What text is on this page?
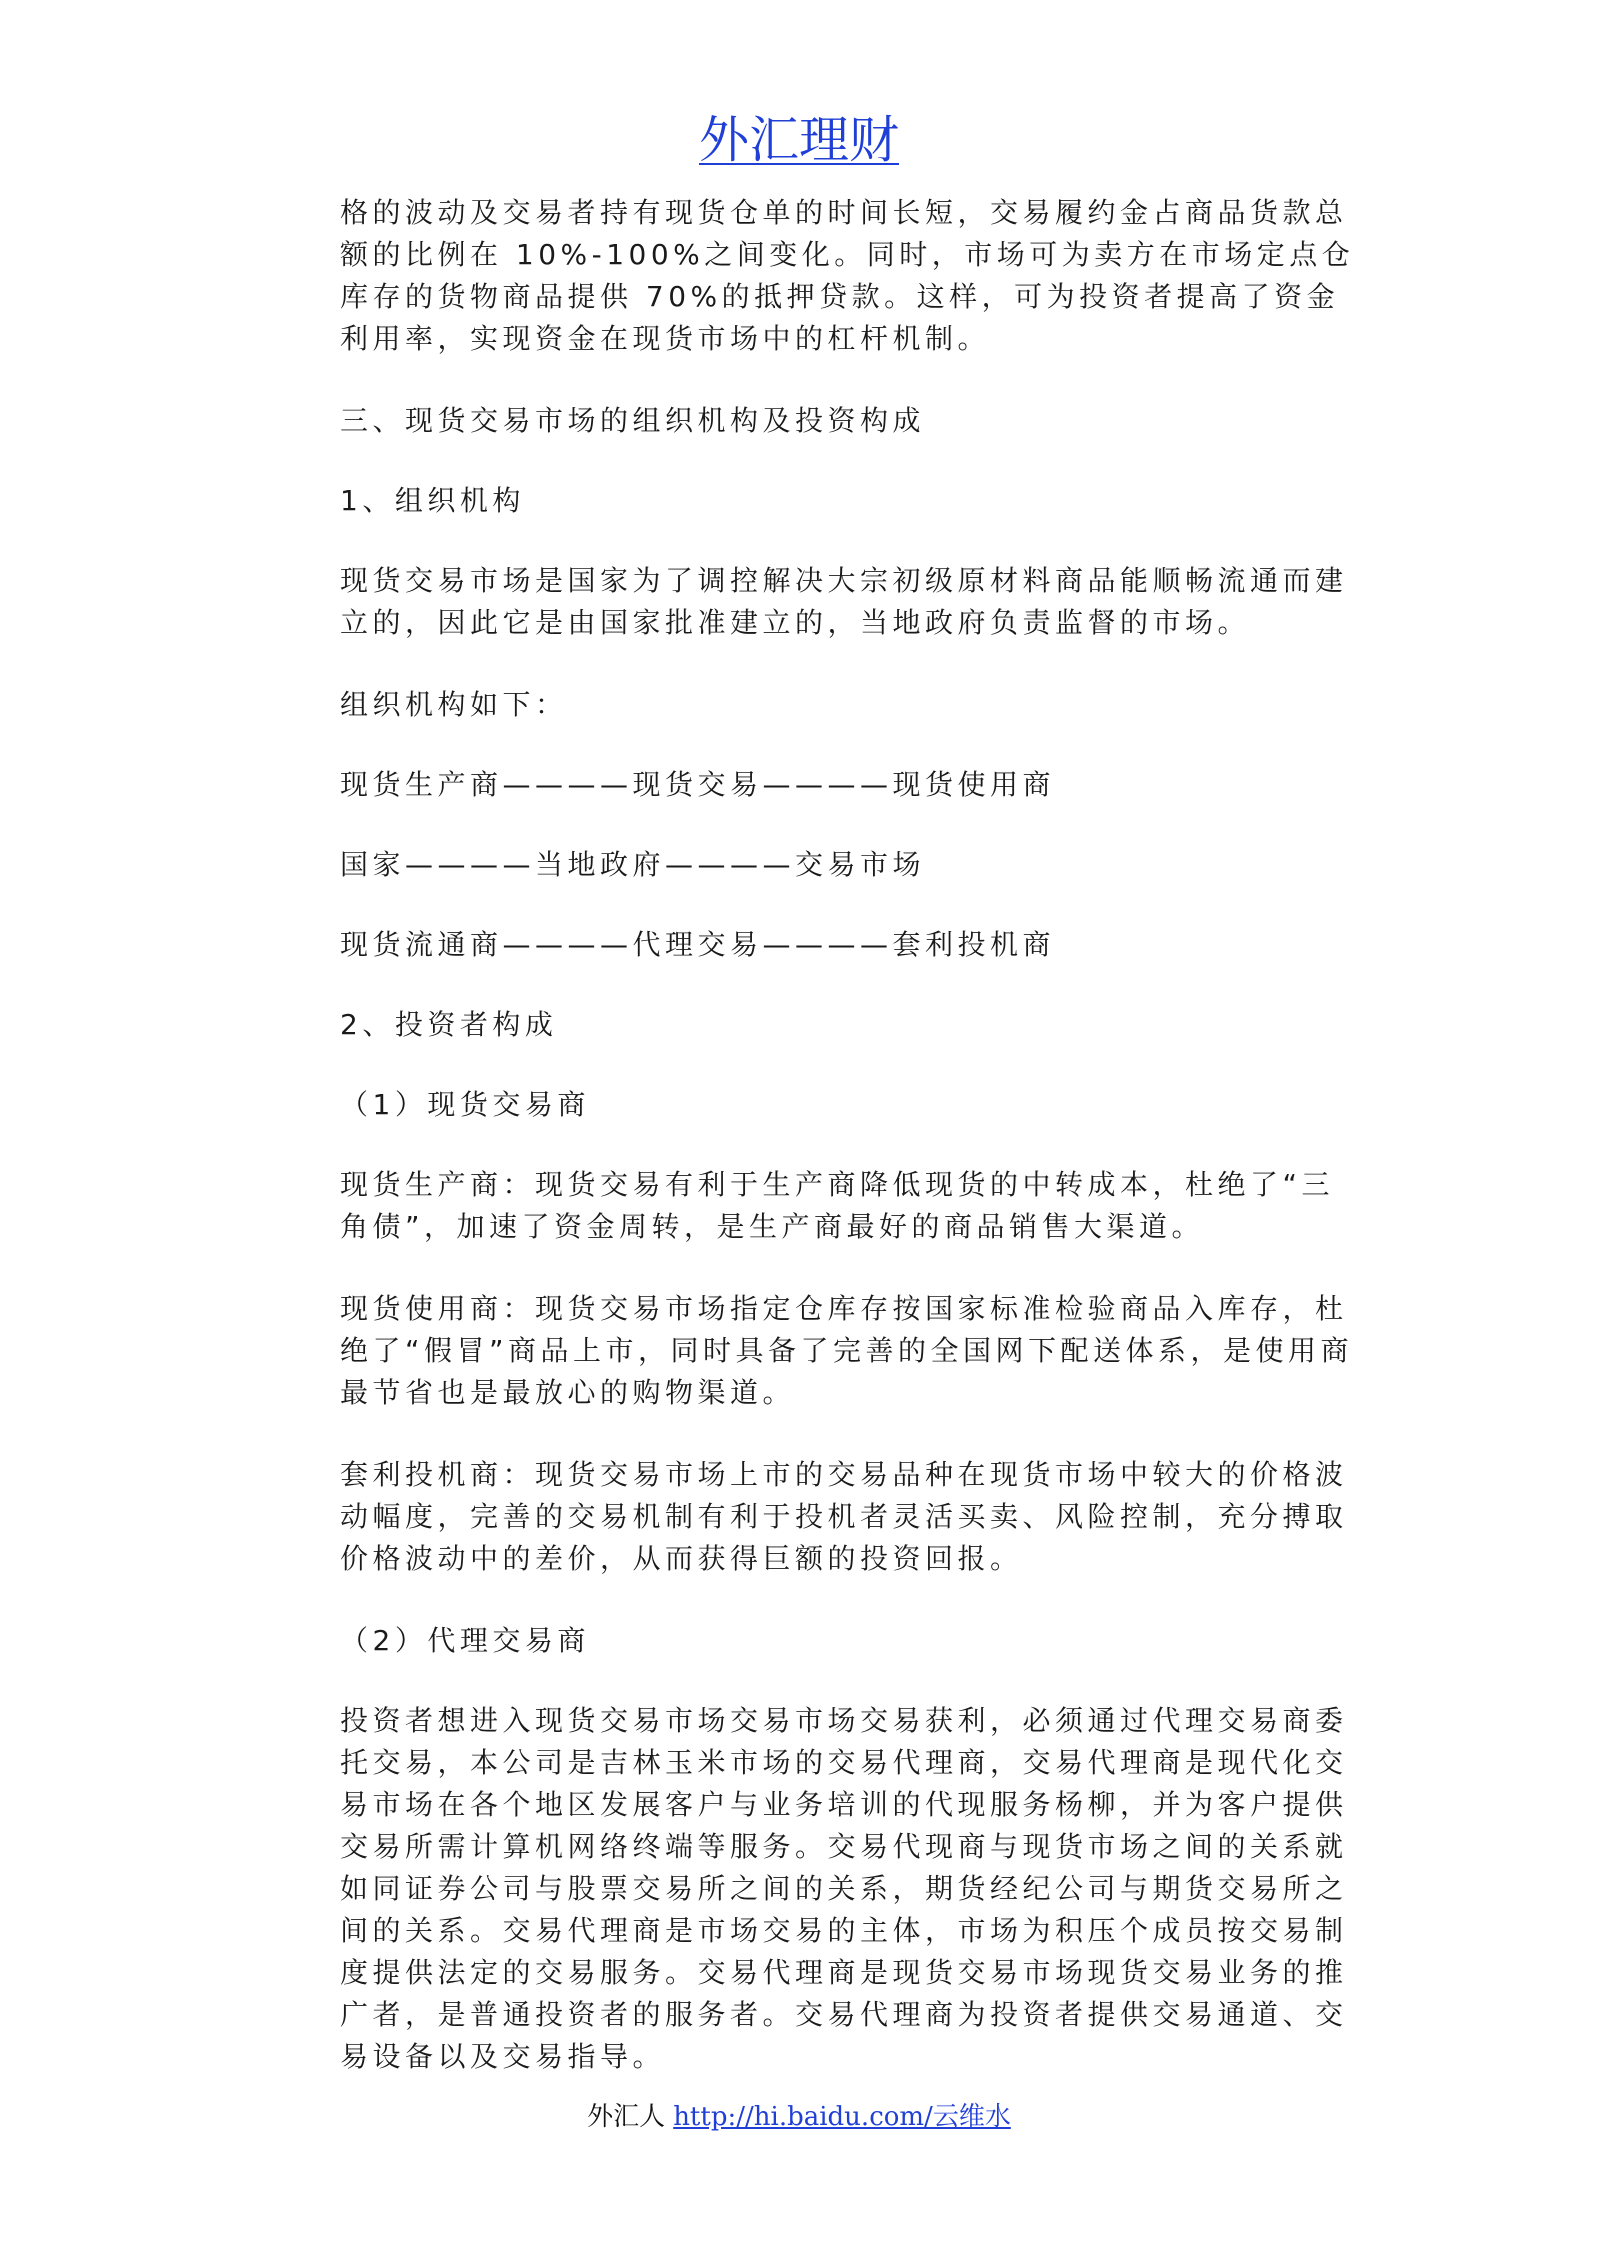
外汇理财

格的波动及交易者持有现货仓单的时间长短，交易履约金占商品货款总额的比例在 10%-100%之间变化。同时，市场可为卖方在市场定点仓库存的货物商品提供 70%的抵押贷款。这样，可为投资者提高了资金利用率，实现资金在现货市场中的杠杆机制。

三、现货交易市场的组织机构及投资构成

1、组织机构

现货交易市场是国家为了调控解决大宗初级原材料商品能顺畅流通而建立的，因此它是由国家批准建立的，当地政府负责监督的市场。

组织机构如下：

现货生产商————现货交易————现货使用商

国家————当地政府————交易市场

现货流通商————代理交易————套利投机商

2、投资者构成

（1）现货交易商

现货生产商：现货交易有利于生产商降低现货的中转成本，杜绝了“三角债”，加速了资金周转，是生产商最好的商品销售大渠道。

现货使用商：现货交易市场指定仓库存按国家标准检验商品入库存，杜绝了“假冒”商品上市，同时具备了完善的全国网下配送体系，是使用商最节省也是最放心的购物渠道。

套利投机商：现货交易市场上市的交易品种在现货市场中较大的价格波动幅度，完善的交易机制有利于投机者灵活买卖、风险控制，充分搏取价格波动中的差价，从而获得巨额的投资回报。

（2）代理交易商

投资者想进入现货交易市场交易市场交易获利，必须通过代理交易商委托交易，本公司是吉林玉米市场的交易代理商，交易代理商是现代化交易市场在各个地区发展客户与业务培训的代现服务杨柳，并为客户提供交易所需计算机网络终端等服务。交易代现商与现货市场之间的关系就如同证券公司与股票交易所之间的关系，期货经纪公司与期货交易所之间的关系。交易代理商是市场交易的主体，市场为积压个成员按交易制度提供法定的交易服务。交易代理商是现货交易市场现货交易业务的推广者，是普通投资者的服务者。交易代理商为投资者提供交易通道、交易设备以及交易指导。

外汇人 http://hi.baidu.com/云维水
